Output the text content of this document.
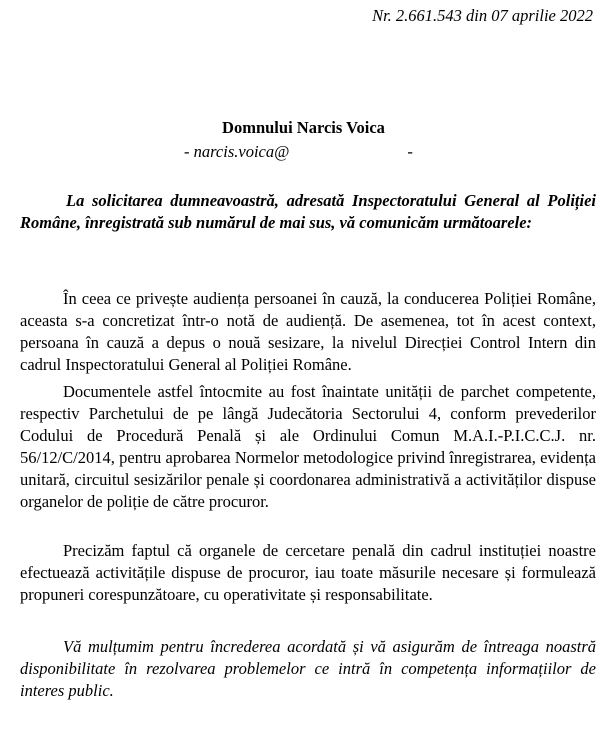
Nr. 2.661.543 din 07 aprilie 2022
Domnului Narcis Voica
- narcis.voica@	-

La solicitarea dumneavoastră, adresată Inspectoratului General al Poliției Române, înregistrată sub numărul de mai sus, vă comunicăm următoarele:

În ceea ce privește audiența persoanei în cauză, la conducerea Poliției Române, aceasta s-a concretizat într-o notă de audiență. De asemenea, tot în acest context, persoana în cauză a depus o nouă sesizare, la nivelul Direcției Control Intern din cadrul Inspectoratului General al Poliției Române.

Documentele astfel întocmite au fost înaintate unității de parchet competente, respectiv Parchetului de pe lângă Judecătoria Sectorului 4, conform prevederilor Codului de Procedură Penală și ale Ordinului Comun M.A.I.-P.I.C.C.J. nr. 56/12/C/2014, pentru aprobarea Normelor metodologice privind înregistrarea, evidența unitară, circuitul sesizărilor penale și coordonarea administrativă a activităților dispuse organelor de poliție de către procuror.

Precizăm faptul că organele de cercetare penală din cadrul instituției noastre efectuează activitățile dispuse de procuror, iau toate măsurile necesare și formulează propuneri corespunzătoare, cu operativitate și responsabilitate.

Vă mulțumim pentru încrederea acordată și vă asigurăm de întreaga noastră disponibilitate în rezolvarea problemelor ce intră în competența informațiilor de interes public.
